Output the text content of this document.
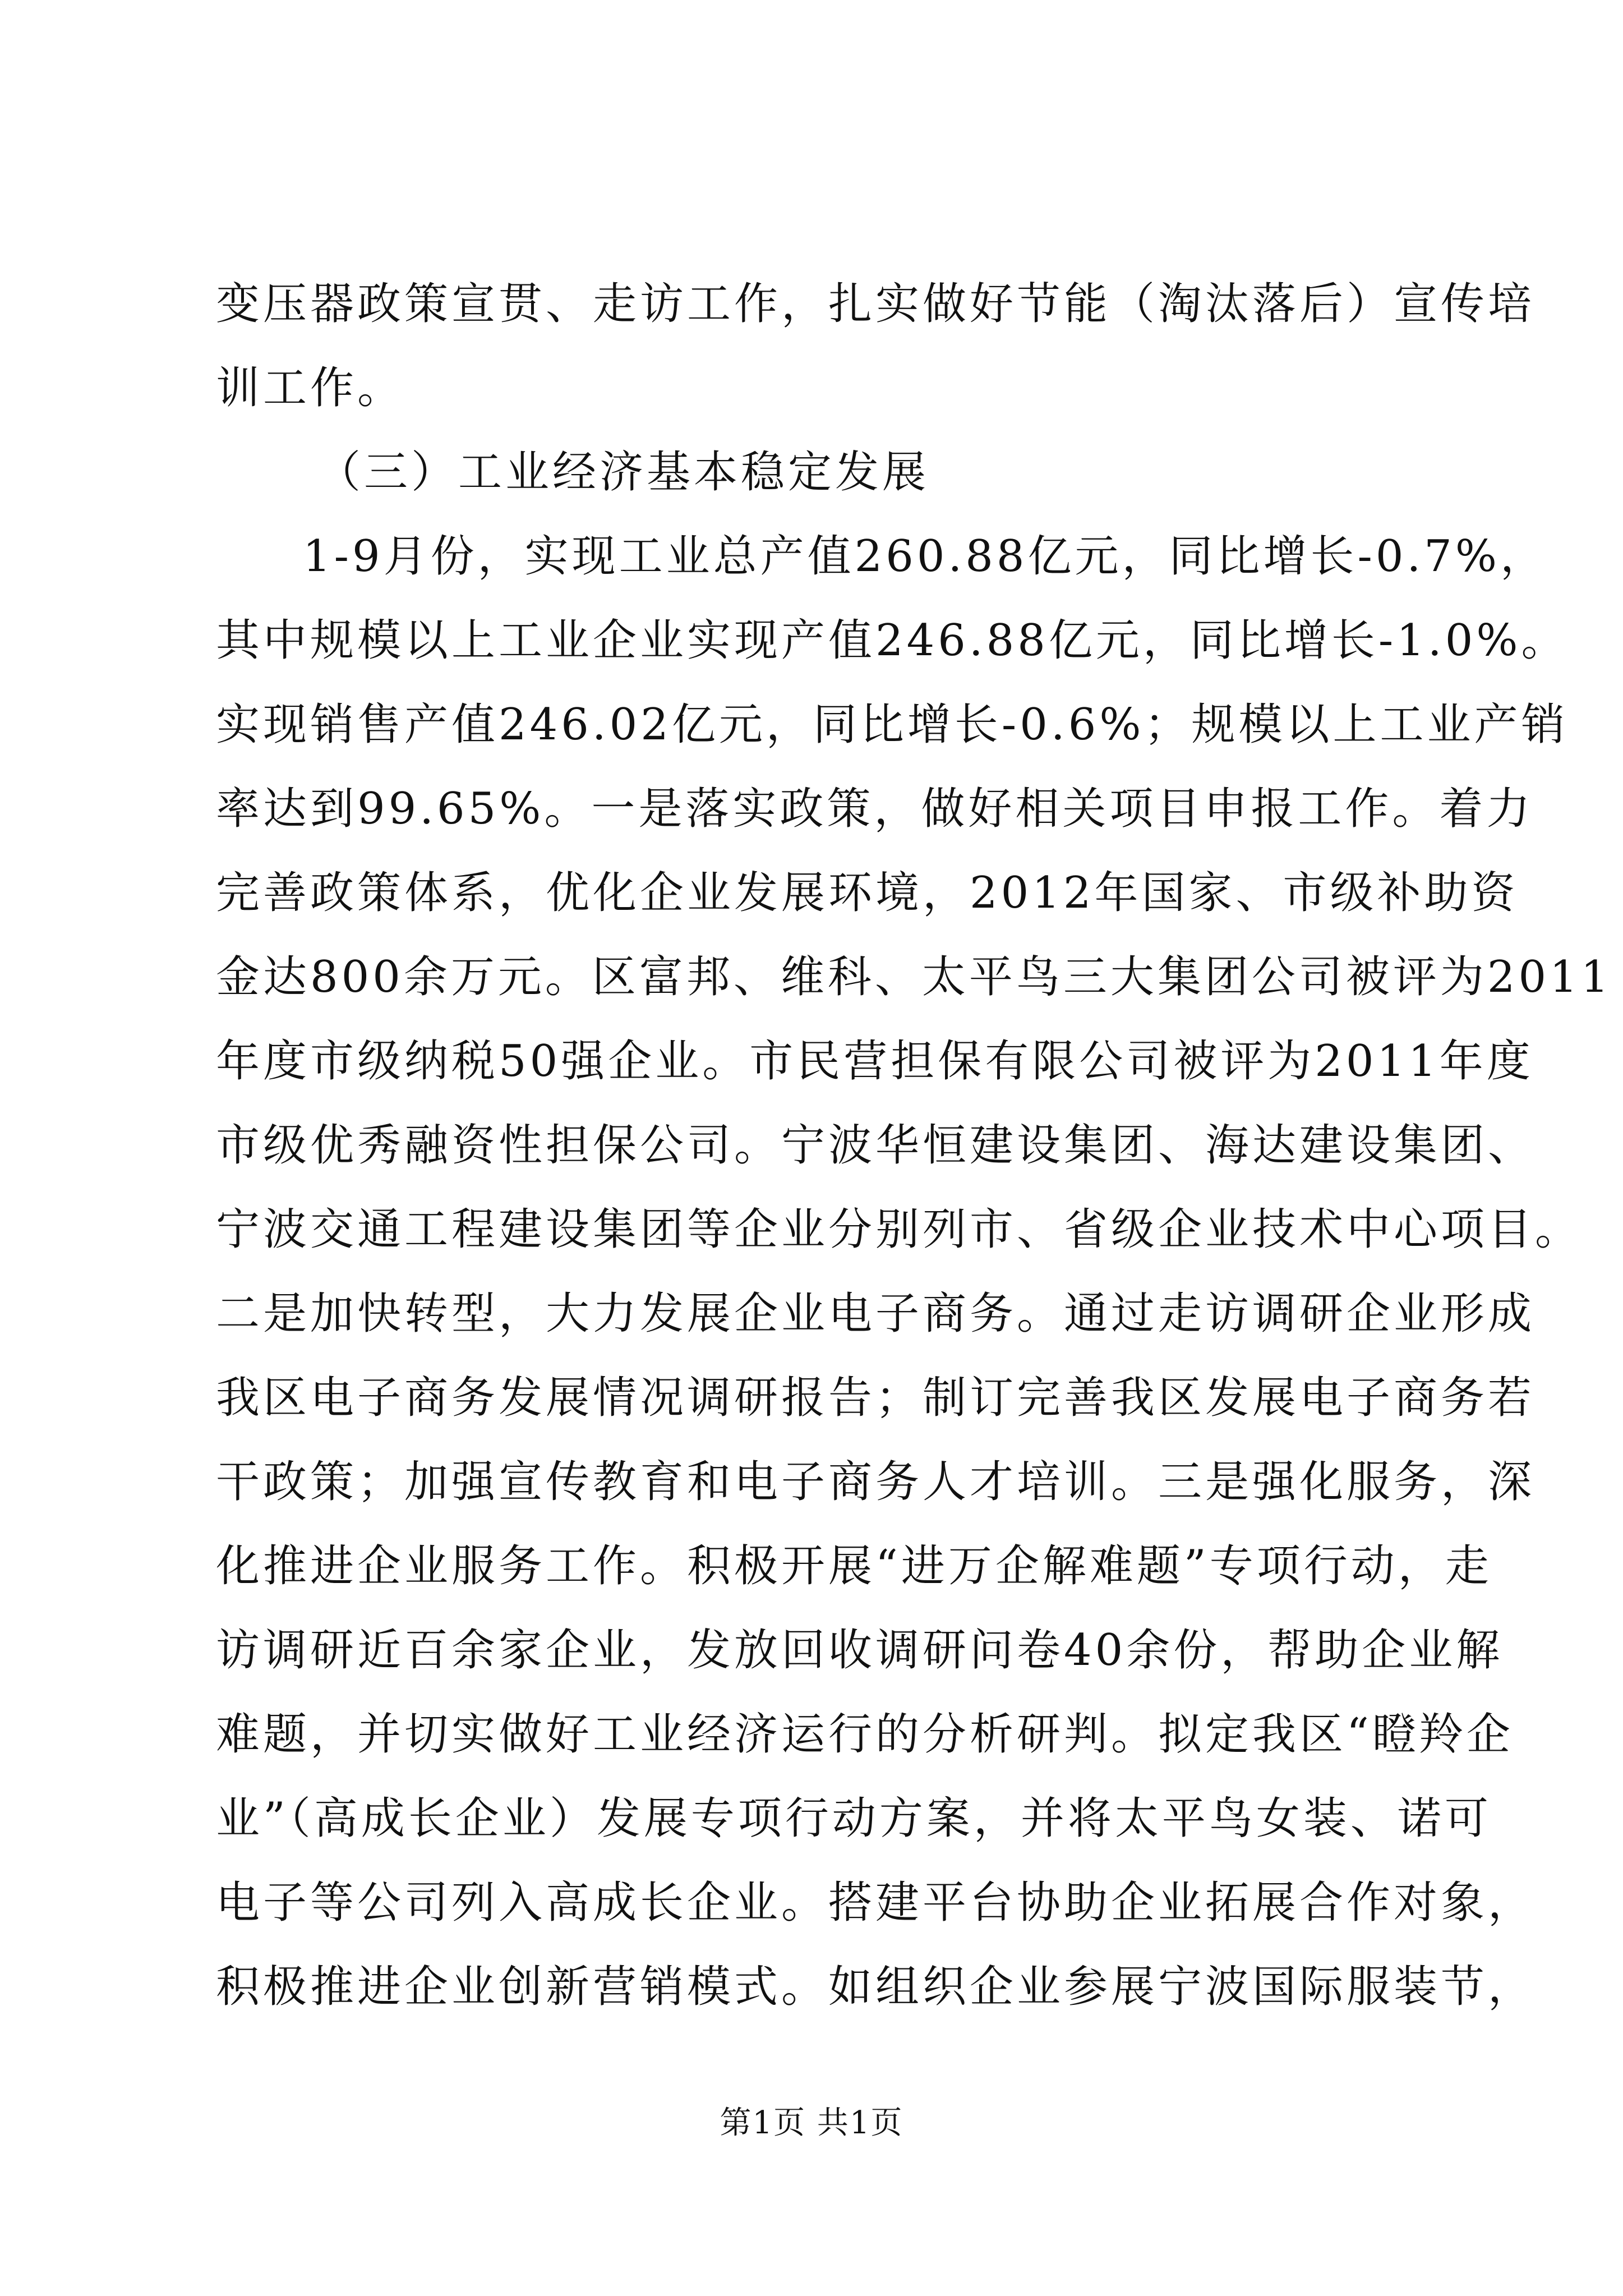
变压器政策宣贯、走访工作，扎实做好节能（淘汰落后）宣传培
训工作。
（三）工业经济基本稳定发展
1-9月份，实现工业总产值260.88亿元，同比增长-0.7%，
其中规模以上工业企业实现产值246.88亿元，同比增长-1.0%。
实现销售产值246.02亿元，同比增长-0.6%；规模以上工业产销
率达到99.65%。一是落实政策，做好相关项目申报工作。着力
完善政策体系，优化企业发展环境，2012年国家、市级补助资
金达800余万元。区富邦、维科、太平鸟三大集团公司被评为2011
年度市级纳税50强企业。市民营担保有限公司被评为2011年度
市级优秀融资性担保公司。宁波华恒建设集团、海达建设集团、
宁波交通工程建设集团等企业分别列市、省级企业技术中心项目。
二是加快转型，大力发展企业电子商务。通过走访调研企业形成
我区电子商务发展情况调研报告；制订完善我区发展电子商务若
干政策；加强宣传教育和电子商务人才培训。三是强化服务，深
化推进企业服务工作。积极开展“进万企解难题”专项行动，走
访调研近百余家企业，发放回收调研问卷40余份，帮助企业解
难题，并切实做好工业经济运行的分析研判。拟定我区“瞪羚企
业”（高成长企业）发展专项行动方案，并将太平鸟女装、诺可
电子等公司列入高成长企业。搭建平台协助企业拓展合作对象，
积极推进企业创新营销模式。如组织企业参展宁波国际服装节，
第1页 共1页
